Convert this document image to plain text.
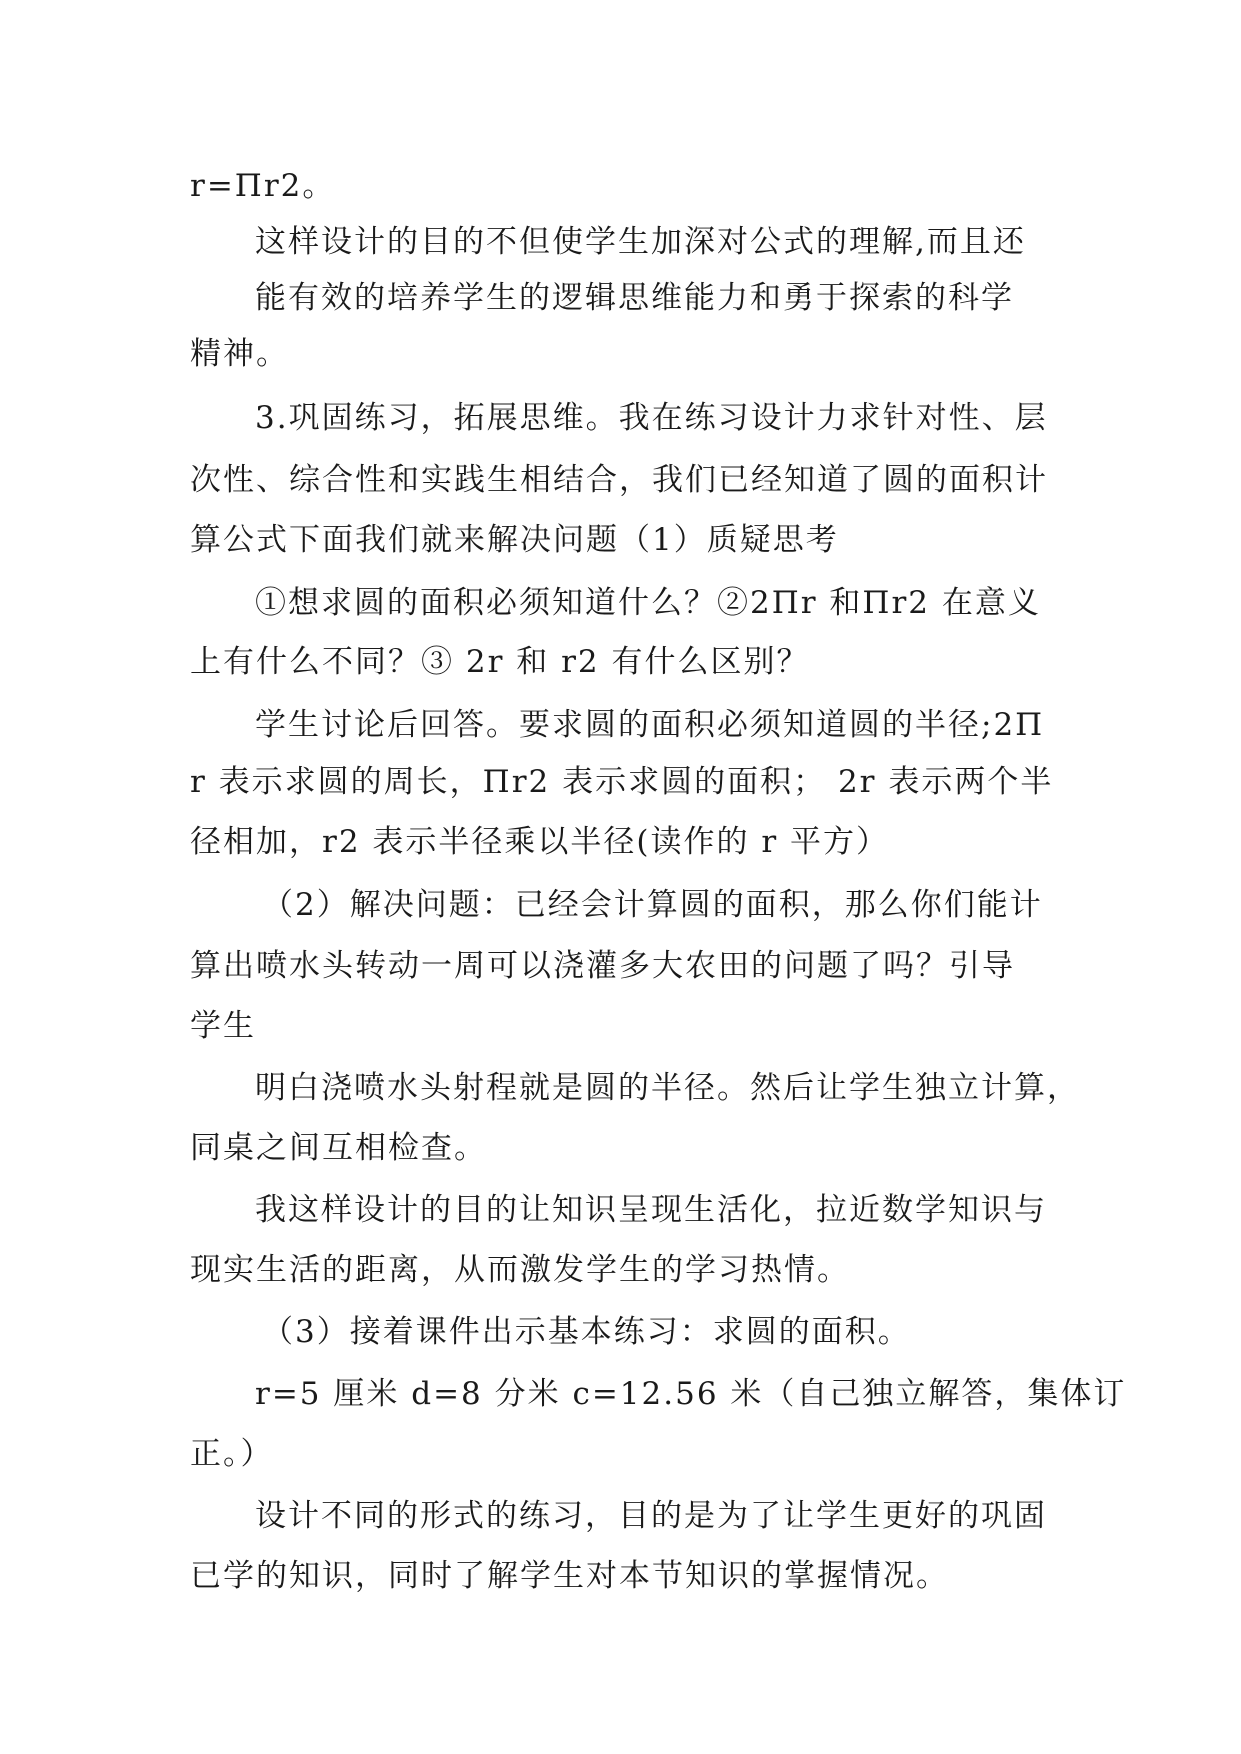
r=Πr2。
这样设计的目的不但使学生加深对公式的理解,而且还
能有效的培养学生的逻辑思维能力和勇于探索的科学
精神。
3.巩固练习，拓展思维。我在练习设计力求针对性、层
次性、综合性和实践生相结合，我们已经知道了圆的面积计
算公式下面我们就来解决问题（1）质疑思考
①想求圆的面积必须知道什么？②2Πr 和Πr2 在意义
上有什么不同？③ 2r 和 r2 有什么区别？
学生讨论后回答。要求圆的面积必须知道圆的半径;2Π
r 表示求圆的周长，Πr2 表示求圆的面积； 2r 表示两个半
径相加，r2 表示半径乘以半径(读作的 r 平方）
（2）解决问题：已经会计算圆的面积，那么你们能计
算出喷水头转动一周可以浇灌多大农田的问题了吗？引导
学生
明白浇喷水头射程就是圆的半径。然后让学生独立计算，
同桌之间互相检查。
我这样设计的目的让知识呈现生活化，拉近数学知识与
现实生活的距离，从而激发学生的学习热情。
（3）接着课件出示基本练习：求圆的面积。
r=5 厘米 d=8 分米 c=12.56 米（自己独立解答，集体订
正。）
设计不同的形式的练习，目的是为了让学生更好的巩固
已学的知识，同时了解学生对本节知识的掌握情况。
